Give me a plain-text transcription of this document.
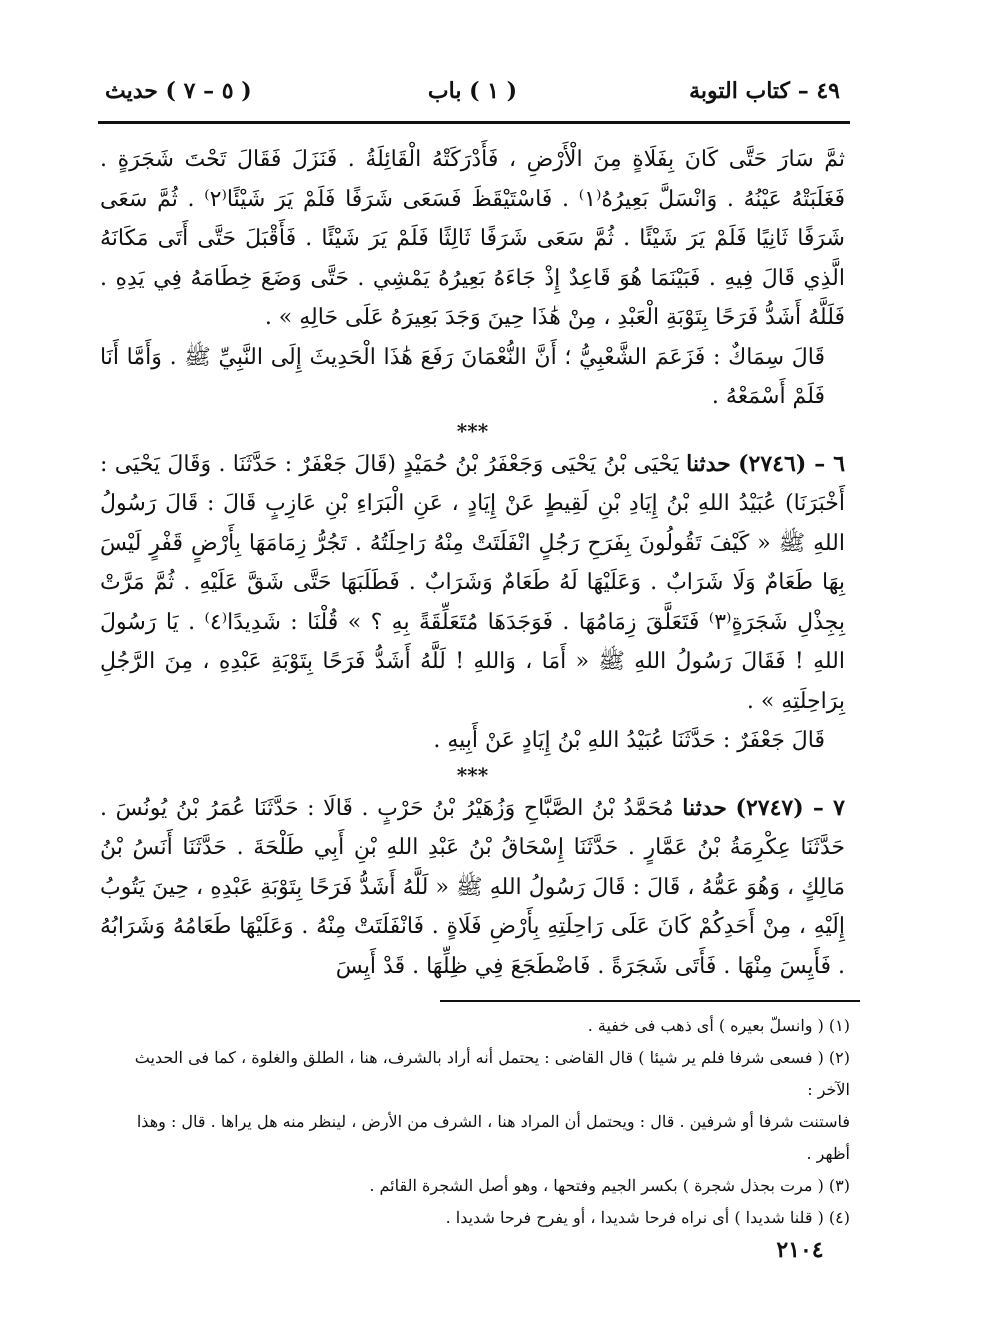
٤٩ – كتاب التوبة
( ١ ) باب
( ٥ – ٧ ) حديث

ثمَّ سَارَ حَتَّى كَانَ بِفَلَاةٍ مِنَ الْأَرْضِ ، فَأَدْرَكَتْهُ الْقَائِلَةُ . فَنَزَلَ فَقَالَ تَحْتَ شَجَرَةٍ . فَغَلَبَتْهُ عَيْنُهُ . وَانْسَلَّ بَعِيرُهُ⁽١⁾ . فَاسْتَيْقَظَ فَسَعَى شَرَفًا فَلَمْ يَرَ شَيْئًا⁽٢⁾ . ثُمَّ سَعَى شَرَفًا ثَانِيًا فَلَمْ يَرَ شَيْئًا . ثُمَّ سَعَى شَرَفًا ثَالِثًا فَلَمْ يَرَ شَيْئًا . فَأَقْبَلَ حَتَّى أَتَى مَكَانَهُ الَّذِي قَالَ فِيهِ . فَبَيْنَمَا هُوَ قَاعِدٌ إِذْ جَاءَهُ بَعِيرُهُ يَمْشِي . حَتَّى وَضَعَ خِطَامَهُ فِي يَدِهِ . فَلَلَّهُ أَشَدُّ فَرَحًا بِتَوْبَةِ الْعَبْدِ ، مِنْ هَٰذَا حِينَ وَجَدَ بَعِيرَهُ عَلَى حَالِهِ » .

قَالَ سِمَاكٌ : فَزَعَمَ الشَّعْبِيُّ ؛ أَنَّ النُّعْمَانَ رَفَعَ هَٰذَا الْحَدِيثَ إِلَى النَّبِيِّ ﷺ . وَأَمَّا أَنَا فَلَمْ أَسْمَعْهُ .

***

٦ – (٢٧٤٦) حدثنا يَحْيَى بْنُ يَحْيَى وَجَعْفَرُ بْنُ حُمَيْدٍ (قَالَ جَعْفَرٌ : حَدَّثَنَا . وَقَالَ يَحْيَى : أَخْبَرَنَا) عُبَيْدُ اللهِ بْنُ إِيَادِ بْنِ لَقِيطٍ عَنْ إِيَادٍ ، عَنِ الْبَرَاءِ بْنِ عَازِبٍ قَالَ : قَالَ رَسُولُ اللهِ ﷺ « كَيْفَ تَقُولُونَ بِفَرَحِ رَجُلٍ انْفَلَتَتْ مِنْهُ رَاحِلَتُهُ . تَجُرُّ زِمَامَهَا بِأَرْضٍ قَفْرٍ لَيْسَ بِهَا طَعَامٌ وَلَا شَرَابٌ . وَعَلَيْهَا لَهُ طَعَامٌ وَشَرَابٌ . فَطَلَبَهَا حَتَّى شَقَّ عَلَيْهِ . ثُمَّ مَرَّتْ بِجِذْلِ شَجَرَةٍ⁽٣⁾ فَتَعَلَّقَ زِمَامُهَا . فَوَجَدَهَا مُتَعَلِّقَةً بِهِ ؟ » قُلْنَا : شَدِيدًا⁽٤⁾ . يَا رَسُولَ اللهِ ! فَقَالَ رَسُولُ اللهِ ﷺ « أَمَا ، وَاللهِ ! لَلَّهُ أَشَدُّ فَرَحًا بِتَوْبَةِ عَبْدِهِ ، مِنَ الرَّجُلِ بِرَاحِلَتِهِ » .

قَالَ جَعْفَرٌ : حَدَّثَنَا عُبَيْدُ اللهِ بْنُ إِيَادٍ عَنْ أَبِيهِ .

***

٧ – (٢٧٤٧) حدثنا مُحَمَّدُ بْنُ الصَّبَّاحِ وَزُهَيْرُ بْنُ حَرْبٍ . قَالَا : حَدَّثَنَا عُمَرُ بْنُ يُونُسَ . حَدَّثَنَا عِكْرِمَةُ بْنُ عَمَّارٍ . حَدَّثَنَا إِسْحَاقُ بْنُ عَبْدِ اللهِ بْنِ أَبِي طَلْحَةَ . حَدَّثَنَا أَنَسُ بْنُ مَالِكٍ ، وَهُوَ عَمُّهُ ، قَالَ : قَالَ رَسُولُ اللهِ ﷺ « لَلَّهُ أَشَدُّ فَرَحًا بِتَوْبَةِ عَبْدِهِ ، حِينَ يَتُوبُ إِلَيْهِ ، مِنْ أَحَدِكُمْ كَانَ عَلَى رَاحِلَتِهِ بِأَرْضِ فَلَاةٍ . فَانْفَلَتَتْ مِنْهُ . وَعَلَيْهَا طَعَامُهُ وَشَرَابُهُ . فَأَيِسَ مِنْهَا . فَأَتَى شَجَرَةً . فَاضْطَجَعَ فِي ظِلِّهَا . قَدْ أَيِسَ

(١) ( وانسلّ بعيره ) أى ذهب فى خفية .

(٢) ( فسعى شرفا فلم ير شيئا ) قال القاضى : يحتمل أنه أراد بالشرف، هنا ، الطلق والغلوة ، كما فى الحديث الآخر :

فاستنت شرفا أو شرفين . قال : ويحتمل أن المراد هنا ، الشرف من الأرض ، لينظر منه هل يراها . قال : وهذا أظهر .

(٣) ( مرت بجذل شجرة ) بكسر الجيم وفتحها ، وهو أصل الشجرة القائم .

(٤) ( قلنا شديدا ) أى نراه فرحا شديدا ، أو يفرح فرحا شديدا .

٢١٠٤
